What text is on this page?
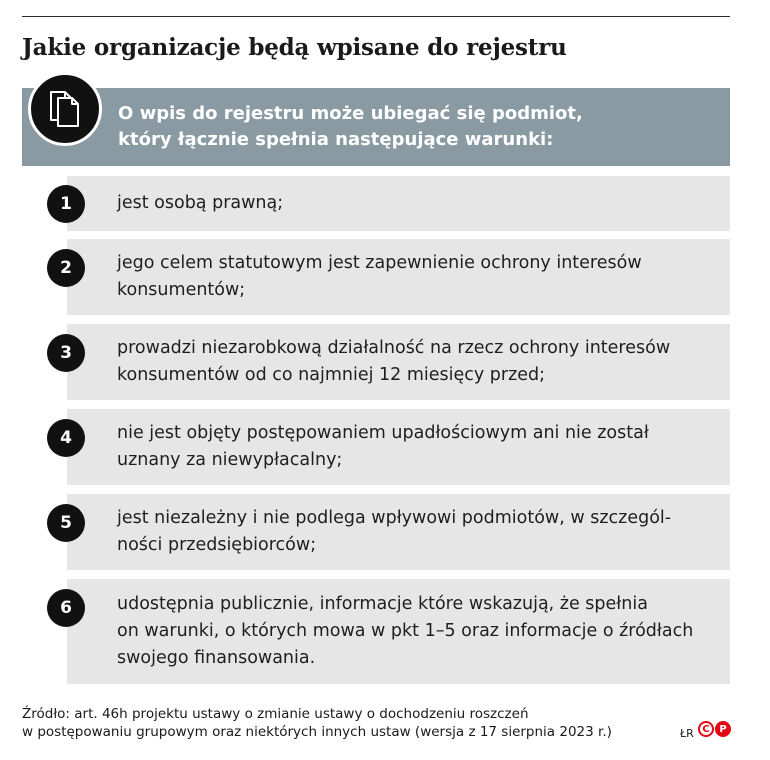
Jakie organizacje będą wpisane do rejestru
O wpis do rejestru może ubiegać się podmiot,
który łącznie spełnia następujące warunki:
jest osobą prawną;
1
jego celem statutowym jest zapewnienie ochrony interesów
konsumentów;
2
prowadzi niezarobkową działalność na rzecz ochrony interesów
konsumentów od co najmniej 12 miesięcy przed;
3
nie jest objęty postępowaniem upadłościowym ani nie został
uznany za niewypłacalny;
4
jest niezależny i nie podlega wpływowi podmiotów, w szczegól-
ności przedsiębiorców;
5
udostępnia publicznie, informacje które wskazują, że spełnia
on warunki, o których mowa w pkt 1–5 oraz informacje o źródłach
swojego finansowania.
6
Źródło: art. 46h projektu ustawy o zmianie ustawy o dochodzeniu roszczeń
w postępowaniu grupowym oraz niektórych innych ustaw (wersja z 17 sierpnia 2023 r.)	ŁR C P
